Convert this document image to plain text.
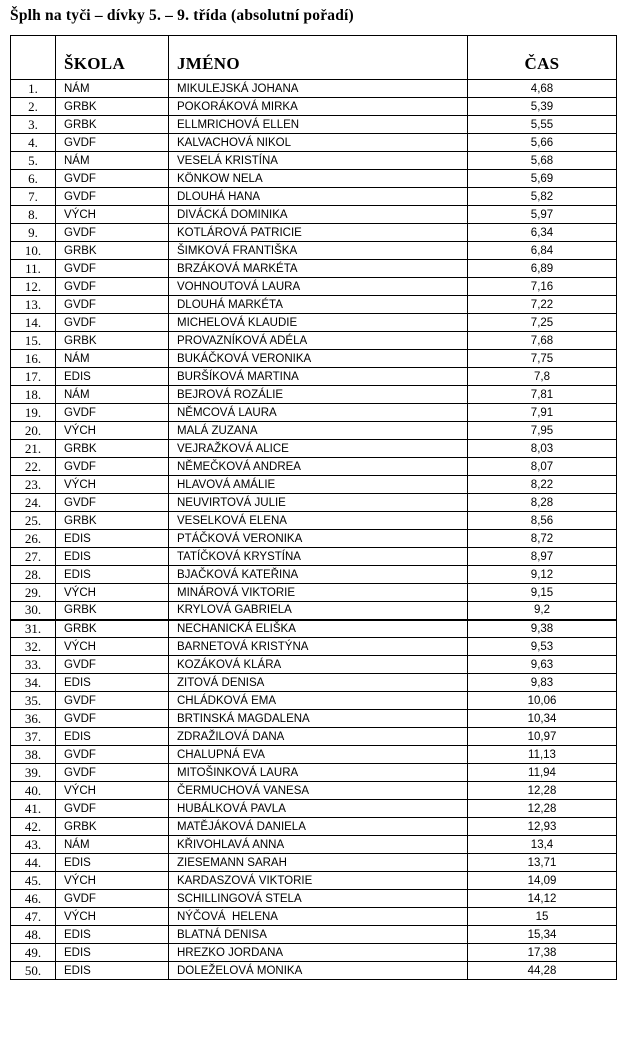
Šplh na tyči – dívky 5. – 9. třída (absolutní pořadí)
	ŠKOLA	JMÉNO	ČAS
1.	NÁM	MIKULEJSKÁ JOHANA	4,68
2.	GRBK	POKORÁKOVÁ MIRKA	5,39
3.	GRBK	ELLMRICHOVÁ ELLEN	5,55
4.	GVDF	KALVACHOVÁ NIKOL	5,66
5.	NÁM	VESELÁ KRISTÍNA	5,68
6.	GVDF	KÖNKOW NELA	5,69
7.	GVDF	DLOUHÁ HANA	5,82
8.	VÝCH	DIVÁCKÁ DOMINIKA	5,97
9.	GVDF	KOTLÁROVÁ PATRICIE	6,34
10.	GRBK	ŠIMKOVÁ FRANTIŠKA	6,84
11.	GVDF	BRZÁKOVÁ MARKÉTA	6,89
12.	GVDF	VOHNOUTOVÁ LAURA	7,16
13.	GVDF	DLOUHÁ MARKÉTA	7,22
14.	GVDF	MICHELOVÁ KLAUDIE	7,25
15.	GRBK	PROVAZNÍKOVÁ ADÉLA	7,68
16.	NÁM	BUKÁČKOVÁ VERONIKA	7,75
17.	EDIS	BURŠÍKOVÁ MARTINA	7,8
18.	NÁM	BEJROVÁ ROZÁLIE	7,81
19.	GVDF	NĚMCOVÁ LAURA	7,91
20.	VÝCH	MALÁ ZUZANA	7,95
21.	GRBK	VEJRAŽKOVÁ ALICE	8,03
22.	GVDF	NĚMEČKOVÁ ANDREA	8,07
23.	VÝCH	HLAVOVÁ AMÁLIE	8,22
24.	GVDF	NEUVIRTOVÁ JULIE	8,28
25.	GRBK	VESELKOVÁ ELENA	8,56
26.	EDIS	PTÁČKOVÁ VERONIKA	8,72
27.	EDIS	TATÍČKOVÁ KRYSTÍNA	8,97
28.	EDIS	BJAČKOVÁ KATEŘINA	9,12
29.	VÝCH	MINÁROVÁ VIKTORIE	9,15
30.	GRBK	KRYLOVÁ GABRIELA	9,2
31.	GRBK	NECHANICKÁ ELIŠKA	9,38
32.	VÝCH	BARNETOVÁ KRISTÝNA	9,53
33.	GVDF	KOZÁKOVÁ KLÁRA	9,63
34.	EDIS	ZITOVÁ DENISA	9,83
35.	GVDF	CHLÁDKOVÁ EMA	10,06
36.	GVDF	BRTINSKÁ MAGDALENA	10,34
37.	EDIS	ZDRAŽILOVÁ DANA	10,97
38.	GVDF	CHALUPNÁ EVA	11,13
39.	GVDF	MITOŠINKOVÁ LAURA	11,94
40.	VÝCH	ČERMUCHOVÁ VANESA	12,28
41.	GVDF	HUBÁLKOVÁ PAVLA	12,28
42.	GRBK	MATĚJÁKOVÁ DANIELA	12,93
43.	NÁM	KŘIVOHLAVÁ ANNA	13,4
44.	EDIS	ZIESEMANN SARAH	13,71
45.	VÝCH	KARDASZOVÁ VIKTORIE	14,09
46.	GVDF	SCHILLINGOVÁ STELA	14,12
47.	VÝCH	NÝČOVÁ  HELENA	15
48.	EDIS	BLATNÁ DENISA	15,34
49.	EDIS	HREZKO JORDANA	17,38
50.	EDIS	DOLEŽELOVÁ MONIKA	44,28
